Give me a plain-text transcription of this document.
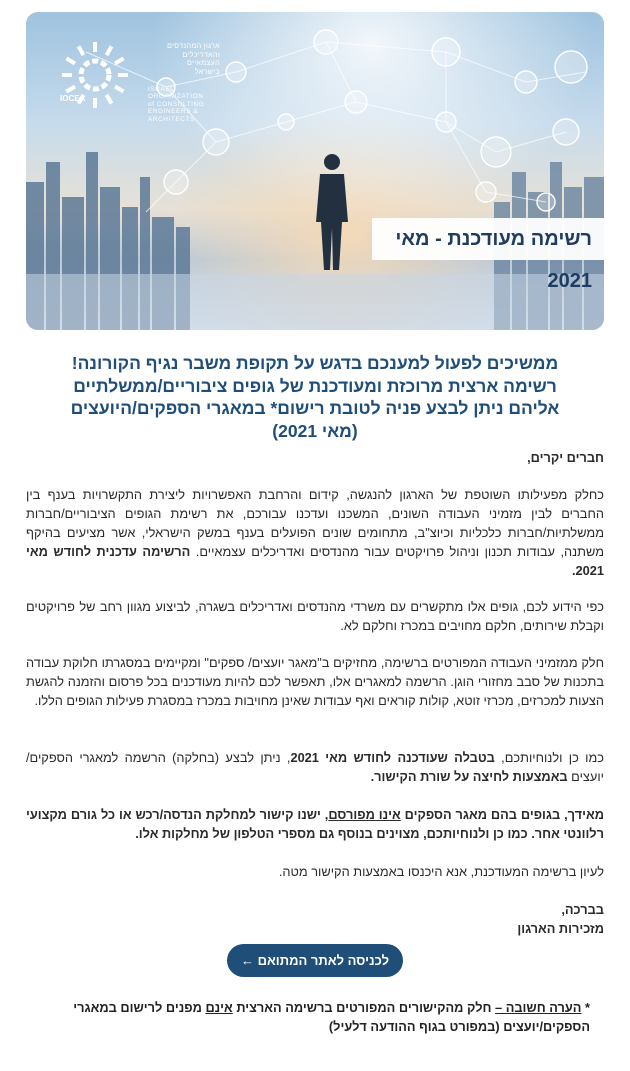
ארגון המהנדסים
והאדריכלים
העצמאיים
בישראל
ISRAEL
ORGANIZATION
of CONSULTING
ENGINEERS & ARCHITECTS
IOCEA
רשימה מעודכנת - מאי 2021

ממשיכים לפעול למענכם בדגש על תקופת משבר נגיף הקורונה!

רשימה ארצית מרוכזת ומעודכנת של גופים ציבוריים/ממשלתיים

אליהם ניתן לבצע פניה לטובת רישום* במאגרי הספקים/היועצים

(מאי 2021)

חברים יקרים,

כחלק מפעילותו השוטפת של הארגון להנגשה, קידום והרחבת האפשרויות ליצירת התקשרויות בענף בין החברים לבין מזמיני העבודה השונים, המשכנו ועדכנו עבורכם, את רשימת הגופים הציבוריים/חברות ממשלתיות/חברות כלכליות וכיוצ"ב, מתחומים שונים הפועלים בענף במשק הישראלי, אשר מציעים בהיקף משתנה, עבודות תכנון וניהול פרויקטים עבור מהנדסים ואדריכלים עצמאיים. הרשימה עדכנית לחודש מאי 2021.

כפי הידוע לכם, גופים אלו מתקשרים עם משרדי מהנדסים ואדריכלים בשגרה, לביצוע מגוון רחב של פרויקטים וקבלת שירותים, חלקם מחויבים במכרז וחלקם לא.

חלק ממזמיני העבודה המפורטים ברשימה, מחזיקים ב"מאגר יועצים/ ספקים" ומקיימים במסגרתו חלוקת עבודה בתכנות של סבב מחזורי הוגן. הרשמה למאגרים אלו, תאפשר לכם להיות מעודכנים בכל פרסום והזמנה להגשת הצעות למכרזים, מכרזי זוטא, קולות קוראים ואף עבודות שאינן מחויבות במכרז במסגרת פעילות הגופים הללו.

כמו כן ולנוחיותכם, בטבלה שעודכנה לחודש מאי 2021, ניתן לבצע (בחלקה) הרשמה למאגרי הספקים/ יועצים באמצעות לחיצה על שורת הקישור.

מאידך, בגופים בהם מאגר הספקים אינו מפורסם, ישנו קישור למחלקת הנדסה/רכש או כל גורם מקצועי רלוונטי אחר. כמו כן ולנוחיותכם, מצוינים בנוסף גם מספרי הטלפון של מחלקות אלו.

לעיון ברשימה המעודכנת, אנא היכנסו באמצעות הקישור מטה.

בברכה,

מזכירות הארגון

לכניסה לאתר המתואם ←
* הערה חשובה – חלק מהקישורים המפורטים ברשימה הארצית אינם מפנים לרישום במאגרי הספקים/יועצים (במפורט בגוף ההודעה דלעיל)
